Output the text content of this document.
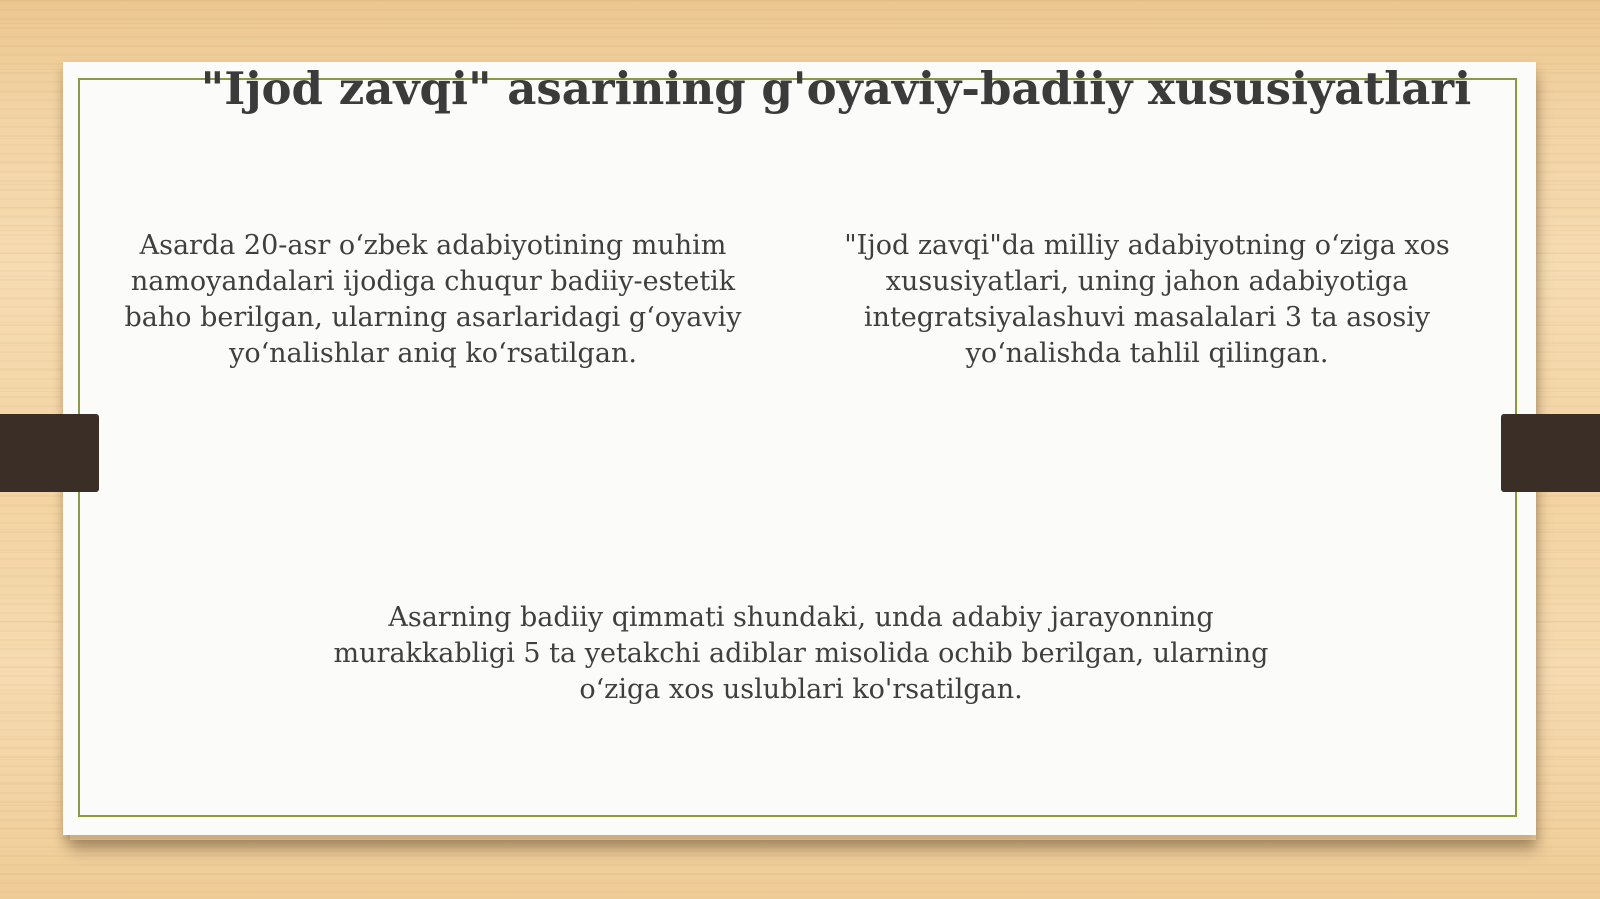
"Ijod zavqi" asarining g'oyaviy-badiiy xususiyatlari

Asarda 20-asr o‘zbek adabiyotining muhim
namoyandalari ijodiga chuqur badiiy-estetik
baho berilgan, ularning asarlaridagi g‘oyaviy
yo‘nalishlar aniq ko‘rsatilgan.

"Ijod zavqi"da milliy adabiyotning o‘ziga xos
xususiyatlari, uning jahon adabiyotiga
integratsiyalashuvi masalalari 3 ta asosiy
yo‘nalishda tahlil qilingan.

Asarning badiiy qimmati shundaki, unda adabiy jarayonning
murakkabligi 5 ta yetakchi adiblar misolida ochib berilgan, ularning
o‘ziga xos uslublari ko'rsatilgan.
